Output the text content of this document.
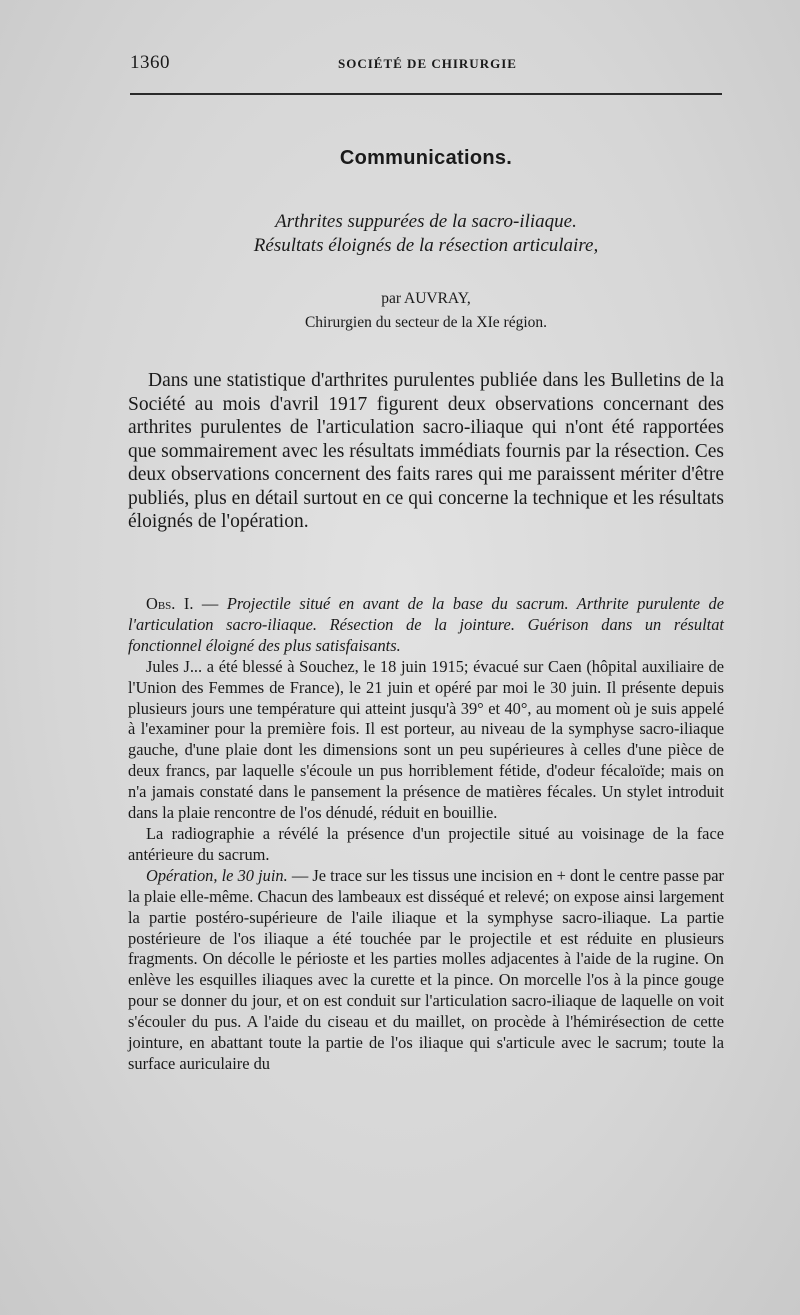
1360	SOCIÉTÉ DE CHIRURGIE
Communications.
Arthrites suppurées de la sacro-iliaque.
Résultats éloignés de la résection articulaire,
par AUVRAY,
Chirurgien du secteur de la XIe région.

Dans une statistique d'arthrites purulentes publiée dans les Bulletins de la Société au mois d'avril 1917 figurent deux observations concernant des arthrites purulentes de l'articulation sacro-iliaque qui n'ont été rapportées que sommairement avec les résultats immédiats fournis par la résection. Ces deux observations concernent des faits rares qui me paraissent mériter d'être publiés, plus en détail surtout en ce qui concerne la technique et les résultats éloignés de l'opération.

Obs. I. — Projectile situé en avant de la base du sacrum. Arthrite purulente de l'articulation sacro-iliaque. Résection de la jointure. Guérison dans un résultat fonctionnel éloigné des plus satisfaisants.

Jules J... a été blessé à Souchez, le 18 juin 1915; évacué sur Caen (hôpital auxiliaire de l'Union des Femmes de France), le 21 juin et opéré par moi le 30 juin. Il présente depuis plusieurs jours une température qui atteint jusqu'à 39° et 40°, au moment où je suis appelé à l'examiner pour la première fois. Il est porteur, au niveau de la symphyse sacro-iliaque gauche, d'une plaie dont les dimensions sont un peu supérieures à celles d'une pièce de deux francs, par laquelle s'écoule un pus horriblement fétide, d'odeur fécaloïde; mais on n'a jamais constaté dans le pansement la présence de matières fécales. Un stylet introduit dans la plaie rencontre de l'os dénudé, réduit en bouillie.

La radiographie a révélé la présence d'un projectile situé au voisinage de la face antérieure du sacrum.

Opération, le 30 juin. — Je trace sur les tissus une incision en + dont le centre passe par la plaie elle-même. Chacun des lambeaux est disséqué et relevé; on expose ainsi largement la partie postéro-supérieure de l'aile iliaque et la symphyse sacro-iliaque. La partie postérieure de l'os iliaque a été touchée par le projectile et est réduite en plusieurs fragments. On décolle le périoste et les parties molles adjacentes à l'aide de la rugine. On enlève les esquilles iliaques avec la curette et la pince. On morcelle l'os à la pince gouge pour se donner du jour, et on est conduit sur l'articulation sacro-iliaque de laquelle on voit s'écouler du pus. A l'aide du ciseau et du maillet, on procède à l'hémirésection de cette jointure, en abattant toute la partie de l'os iliaque qui s'articule avec le sacrum; toute la surface auriculaire du
